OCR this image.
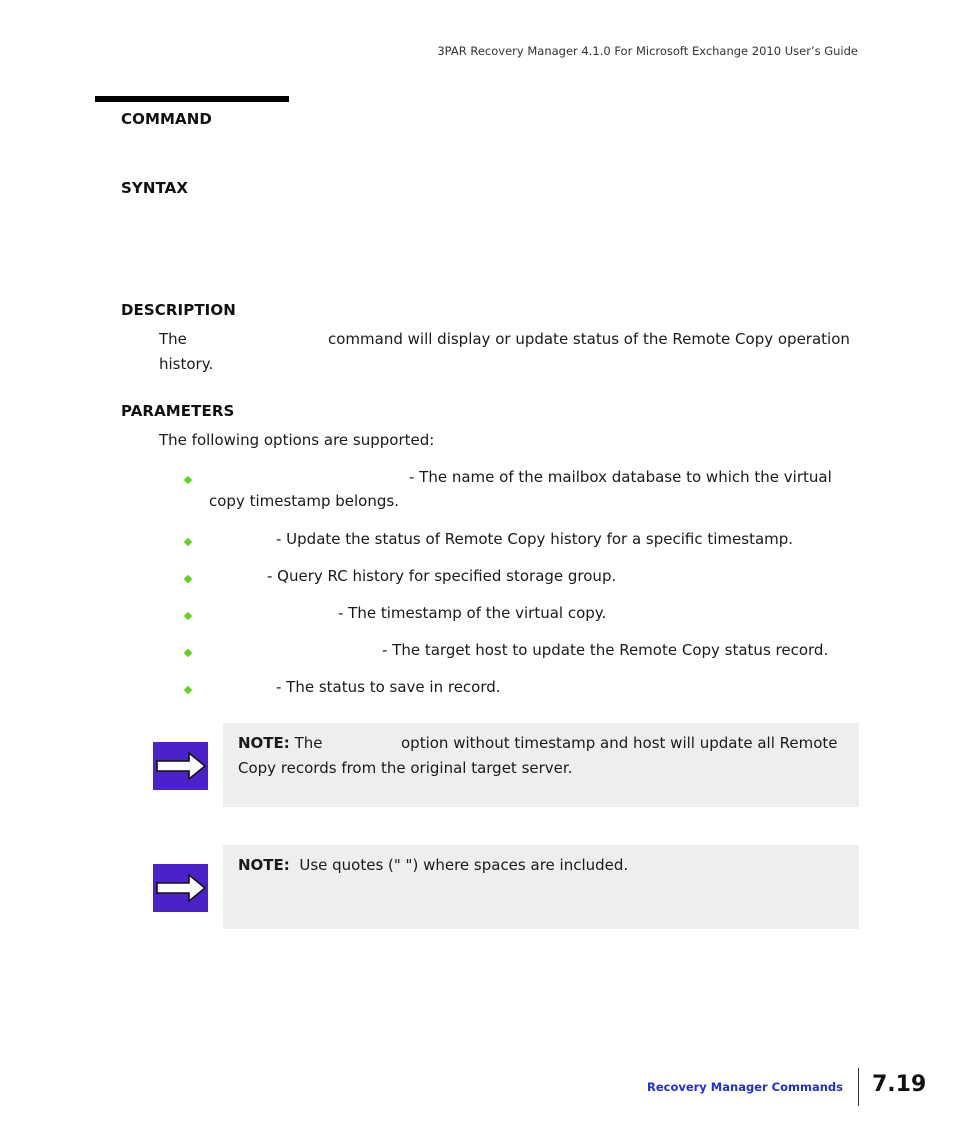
3PAR Recovery Manager 4.1.0 For Microsoft Exchange 2010 User’s Guide
COMMAND
SYNTAX
DESCRIPTION
The	command will display or update status of the Remote Copy operation
history.
PARAMETERS
The following options are supported:
- The name of the mailbox database to which the virtual
copy timestamp belongs.
- Update the status of Remote Copy history for a specific timestamp.
- Query RC history for specified storage group.
- The timestamp of the virtual copy.
- The target host to update the Remote Copy status record.
- The status to save in record.
NOTE: The	option without timestamp and host will update all Remote
Copy records from the original target server.
NOTE: Use quotes (" ") where spaces are included.
Recovery Manager Commands 7.19
